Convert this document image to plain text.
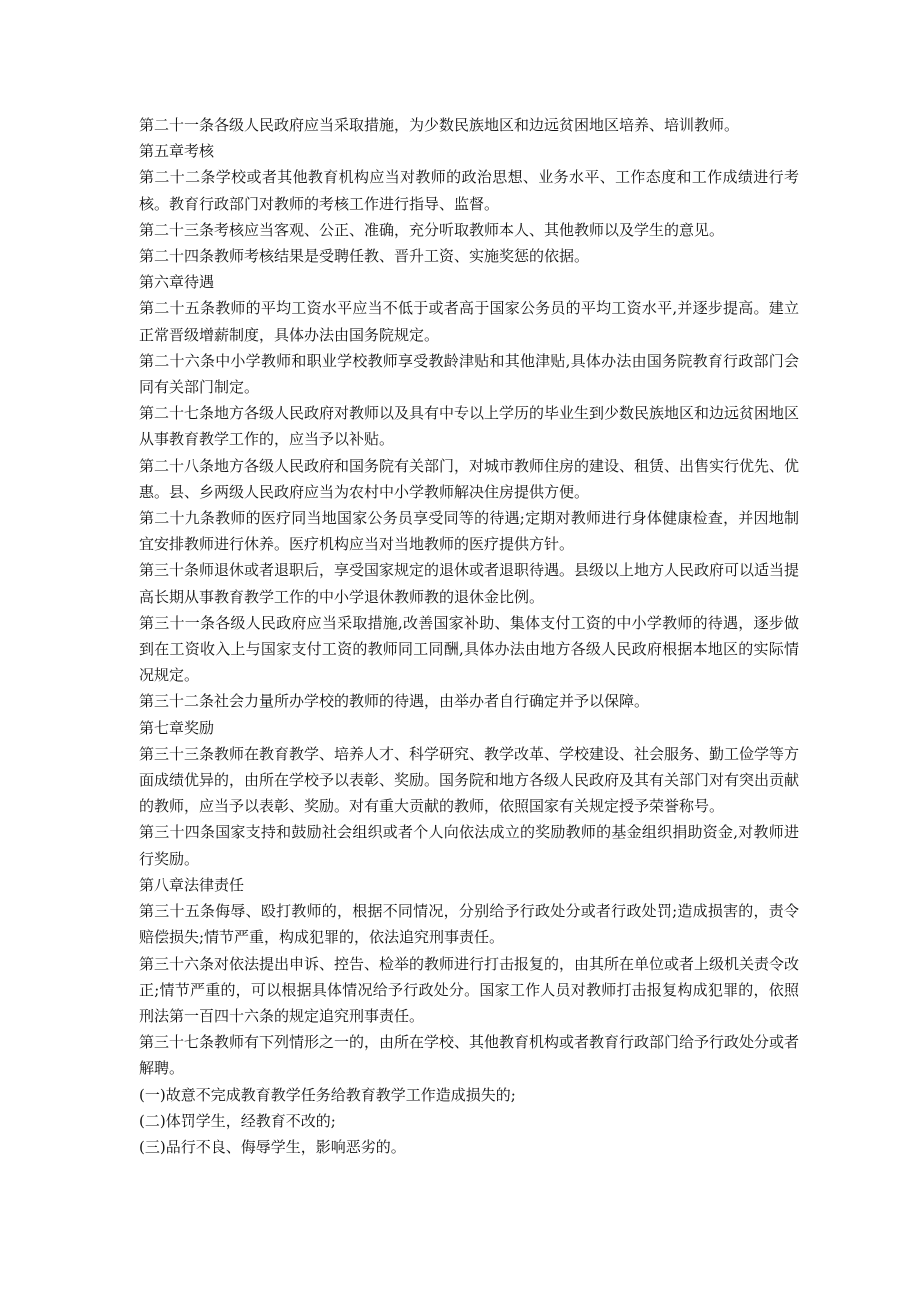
第二十一条各级人民政府应当采取措施，为少数民族地区和边远贫困地区培养、培训教师。

第五章考核

第二十二条学校或者其他教育机构应当对教师的政治思想、业务水平、工作态度和工作成绩进行考核。教育行政部门对教师的考核工作进行指导、监督。

第二十三条考核应当客观、公正、准确，充分听取教师本人、其他教师以及学生的意见。

第二十四条教师考核结果是受聘任教、晋升工资、实施奖惩的依据。

第六章待遇

第二十五条教师的平均工资水平应当不低于或者高于国家公务员的平均工资水平,并逐步提高。建立正常晋级增薪制度，具体办法由国务院规定。

第二十六条中小学教师和职业学校教师享受教龄津贴和其他津贴,具体办法由国务院教育行政部门会同有关部门制定。

第二十七条地方各级人民政府对教师以及具有中专以上学历的毕业生到少数民族地区和边远贫困地区从事教育教学工作的，应当予以补贴。

第二十八条地方各级人民政府和国务院有关部门，对城市教师住房的建设、租赁、出售实行优先、优惠。县、乡两级人民政府应当为农村中小学教师解决住房提供方便。

第二十九条教师的医疗同当地国家公务员享受同等的待遇;定期对教师进行身体健康检查，并因地制宜安排教师进行休养。医疗机构应当对当地教师的医疗提供方针。

第三十条师退休或者退职后，享受国家规定的退休或者退职待遇。县级以上地方人民政府可以适当提高长期从事教育教学工作的中小学退休教师教的退休金比例。

第三十一条各级人民政府应当采取措施,改善国家补助、集体支付工资的中小学教师的待遇，逐步做到在工资收入上与国家支付工资的教师同工同酬,具体办法由地方各级人民政府根据本地区的实际情况规定。

第三十二条社会力量所办学校的教师的待遇，由举办者自行确定并予以保障。

第七章奖励

第三十三条教师在教育教学、培养人才、科学研究、教学改革、学校建设、社会服务、勤工俭学等方面成绩优异的，由所在学校予以表彰、奖励。国务院和地方各级人民政府及其有关部门对有突出贡献的教师，应当予以表彰、奖励。对有重大贡献的教师，依照国家有关规定授予荣誉称号。

第三十四条国家支持和鼓励社会组织或者个人向依法成立的奖励教师的基金组织捐助资金,对教师进行奖励。

第八章法律责任

第三十五条侮辱、殴打教师的，根据不同情况，分别给予行政处分或者行政处罚;造成损害的，责令赔偿损失;情节严重，构成犯罪的，依法追究刑事责任。

第三十六条对依法提出申诉、控告、检举的教师进行打击报复的，由其所在单位或者上级机关责令改正;情节严重的，可以根据具体情况给予行政处分。国家工作人员对教师打击报复构成犯罪的，依照刑法第一百四十六条的规定追究刑事责任。

第三十七条教师有下列情形之一的，由所在学校、其他教育机构或者教育行政部门给予行政处分或者解聘。

(一)故意不完成教育教学任务给教育教学工作造成损失的;

(二)体罚学生，经教育不改的;

(三)品行不良、侮辱学生，影响恶劣的。
